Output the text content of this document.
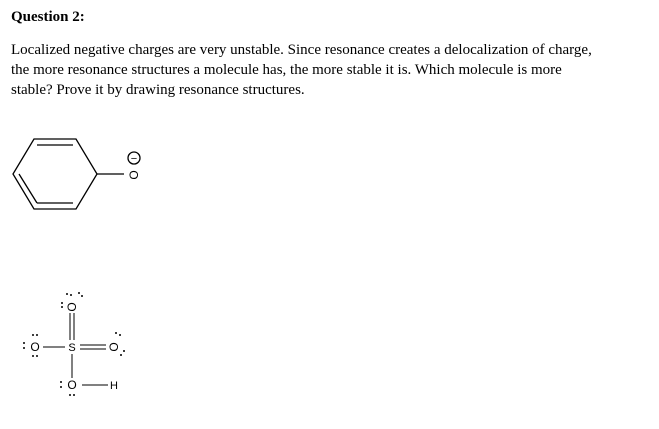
Question 2:
Localized negative charges are very unstable. Since resonance creates a delocalization of charge,
the more resonance structures a molecule has, the more stable it is. Which molecule is more
stable? Prove it by drawing resonance structures.
O
−
S
O
O	O
O	H
